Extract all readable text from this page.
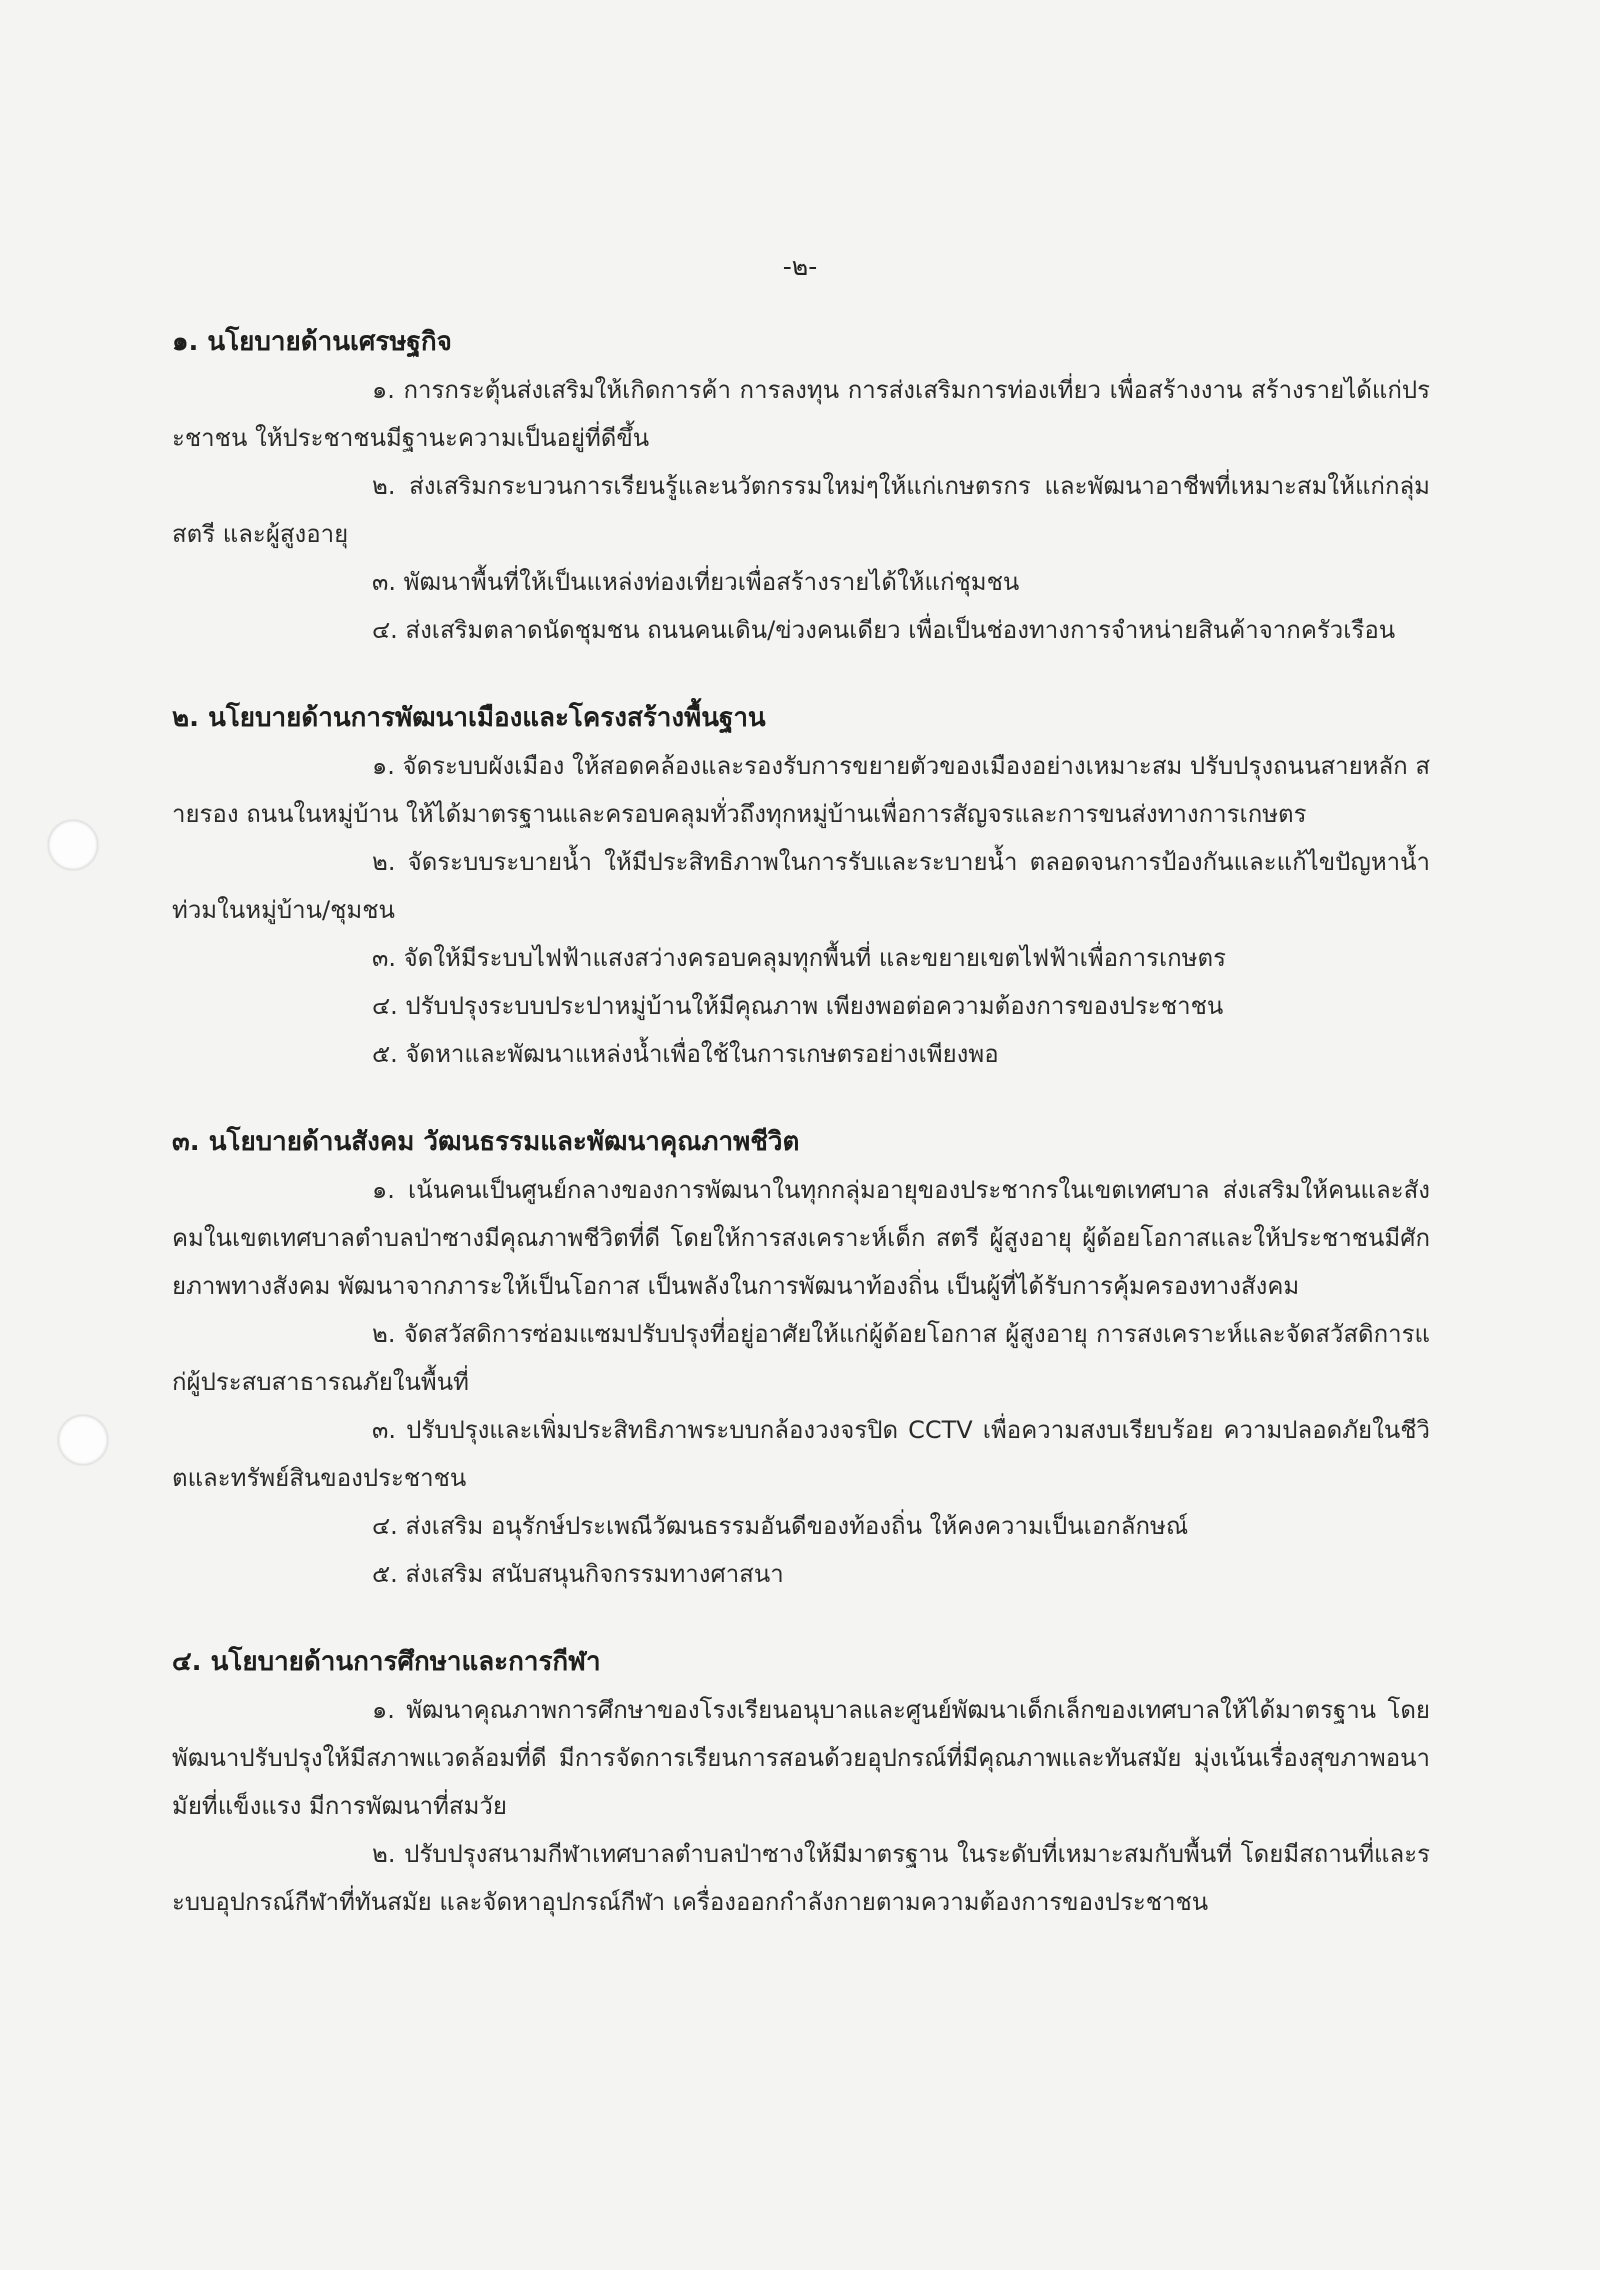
-๒-

๑. นโยบายด้านเศรษฐกิจ

๑. การกระตุ้นส่งเสริมให้เกิดการค้า การลงทุน การส่งเสริมการท่องเที่ยว เพื่อสร้างงาน สร้างรายได้แก่ประชาชน ให้ประชาชนมีฐานะความเป็นอยู่ที่ดีขึ้น

๒. ส่งเสริมกระบวนการเรียนรู้และนวัตกรรมใหม่ๆให้แก่เกษตรกร และพัฒนาอาชีพที่เหมาะสมให้แก่กลุ่มสตรี และผู้สูงอายุ

๓. พัฒนาพื้นที่ให้เป็นแหล่งท่องเที่ยวเพื่อสร้างรายได้ให้แก่ชุมชน

๔. ส่งเสริมตลาดนัดชุมชน ถนนคนเดิน/ข่วงคนเดียว เพื่อเป็นช่องทางการจำหน่ายสินค้าจากครัวเรือน

๒. นโยบายด้านการพัฒนาเมืองและโครงสร้างพื้นฐาน

๑. จัดระบบผังเมือง ให้สอดคล้องและรองรับการขยายตัวของเมืองอย่างเหมาะสม ปรับปรุงถนนสายหลัก สายรอง ถนนในหมู่บ้าน ให้ได้มาตรฐานและครอบคลุมทั่วถึงทุกหมู่บ้านเพื่อการสัญจรและการขนส่งทางการเกษตร

๒. จัดระบบระบายน้ำ ให้มีประสิทธิภาพในการรับและระบายน้ำ ตลอดจนการป้องกันและแก้ไขปัญหาน้ำท่วมในหมู่บ้าน/ชุมชน

๓. จัดให้มีระบบไฟฟ้าแสงสว่างครอบคลุมทุกพื้นที่ และขยายเขตไฟฟ้าเพื่อการเกษตร

๔. ปรับปรุงระบบประปาหมู่บ้านให้มีคุณภาพ เพียงพอต่อความต้องการของประชาชน

๕. จัดหาและพัฒนาแหล่งน้ำเพื่อใช้ในการเกษตรอย่างเพียงพอ

๓. นโยบายด้านสังคม วัฒนธรรมและพัฒนาคุณภาพชีวิต

๑. เน้นคนเป็นศูนย์กลางของการพัฒนาในทุกกลุ่มอายุของประชากรในเขตเทศบาล ส่งเสริมให้คนและสังคมในเขตเทศบาลตำบลป่าซางมีคุณภาพชีวิตที่ดี โดยให้การสงเคราะห์เด็ก สตรี ผู้สูงอายุ ผู้ด้อยโอกาสและให้ประชาชนมีศักยภาพทางสังคม พัฒนาจากภาระให้เป็นโอกาส เป็นพลังในการพัฒนาท้องถิ่น เป็นผู้ที่ได้รับการคุ้มครองทางสังคม

๒. จัดสวัสดิการซ่อมแซมปรับปรุงที่อยู่อาศัยให้แก่ผู้ด้อยโอกาส ผู้สูงอายุ การสงเคราะห์และจัดสวัสดิการแก่ผู้ประสบสาธารณภัยในพื้นที่

๓. ปรับปรุงและเพิ่มประสิทธิภาพระบบกล้องวงจรปิด CCTV เพื่อความสงบเรียบร้อย ความปลอดภัยในชีวิตและทรัพย์สินของประชาชน

๔. ส่งเสริม อนุรักษ์ประเพณีวัฒนธรรมอันดีของท้องถิ่น ให้คงความเป็นเอกลักษณ์

๕. ส่งเสริม สนับสนุนกิจกรรมทางศาสนา

๔. นโยบายด้านการศึกษาและการกีฬา

๑. พัฒนาคุณภาพการศึกษาของโรงเรียนอนุบาลและศูนย์พัฒนาเด็กเล็กของเทศบาลให้ได้มาตรฐาน โดยพัฒนาปรับปรุงให้มีสภาพแวดล้อมที่ดี มีการจัดการเรียนการสอนด้วยอุปกรณ์ที่มีคุณภาพและทันสมัย มุ่งเน้นเรื่องสุขภาพอนามัยที่แข็งแรง มีการพัฒนาที่สมวัย

๒. ปรับปรุงสนามกีฬาเทศบาลตำบลป่าซางให้มีมาตรฐาน ในระดับที่เหมาะสมกับพื้นที่ โดยมีสถานที่และระบบอุปกรณ์กีฬาที่ทันสมัย และจัดหาอุปกรณ์กีฬา เครื่องออกกำลังกายตามความต้องการของประชาชน
